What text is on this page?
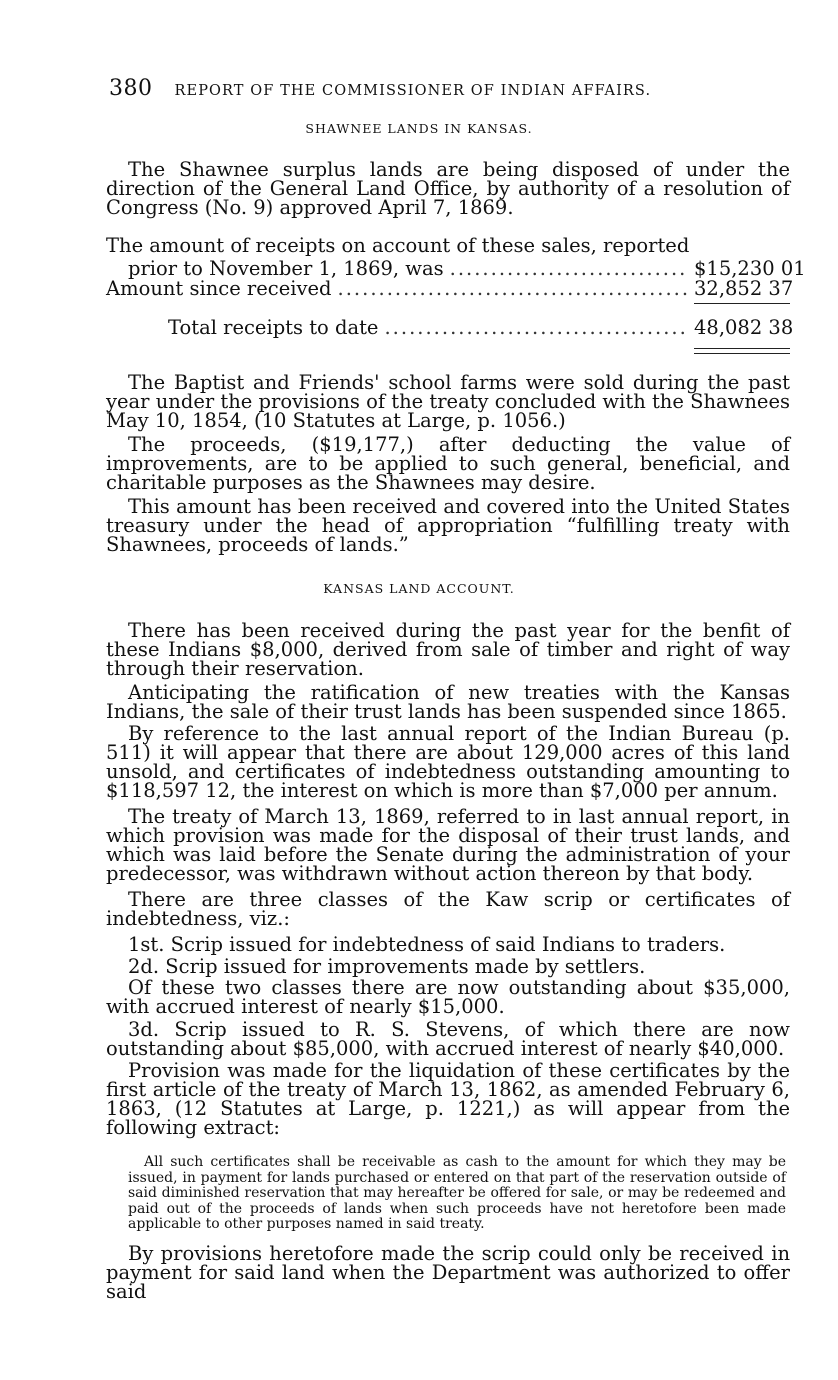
380 REPORT OF THE COMMISSIONER OF INDIAN AFFAIRS.
SHAWNEE LANDS IN KANSAS.
The Shawnee surplus lands are being disposed of under the direction of the General Land Office, by authority of a resolution of Congress (No. 9) approved April 7, 1869.
The amount of receipts on account of these sales, reported
prior to November 1, 1869, was .....	$15,230 01
Amount since received .....	32,852 37
Total receipts to date .....	48,082 38
The Baptist and Friends' school farms were sold during the past year under the provisions of the treaty concluded with the Shawnees May 10, 1854, (10 Statutes at Large, p. 1056.)
The proceeds, ($19,177,) after deducting the value of improvements, are to be applied to such general, beneficial, and charitable purposes as the Shawnees may desire.
This amount has been received and covered into the United States treasury under the head of appropriation “fulfilling treaty with Shawnees, proceeds of lands.”
KANSAS LAND ACCOUNT.
There has been received during the past year for the benfit of these Indians $8,000, derived from sale of timber and right of way through their reservation.
Anticipating the ratification of new treaties with the Kansas Indians, the sale of their trust lands has been suspended since 1865.
By reference to the last annual report of the Indian Bureau (p. 511) it will appear that there are about 129,000 acres of this land unsold, and certificates of indebtedness outstanding amounting to $118,597 12, the interest on which is more than $7,000 per annum.
The treaty of March 13, 1869, referred to in last annual report, in which provision was made for the disposal of their trust lands, and which was laid before the Senate during the administration of your predecessor, was withdrawn without action thereon by that body.
There are three classes of the Kaw scrip or certificates of indebtedness, viz.:
1st. Scrip issued for indebtedness of said Indians to traders.
2d. Scrip issued for improvements made by settlers.
Of these two classes there are now outstanding about $35,000, with accrued interest of nearly $15,000.
3d. Scrip issued to R. S. Stevens, of which there are now outstanding about $85,000, with accrued interest of nearly $40,000.
Provision was made for the liquidation of these certificates by the first article of the treaty of March 13, 1862, as amended February 6, 1863, (12 Statutes at Large, p. 1221,) as will appear from the following extract:
All such certificates shall be receivable as cash to the amount for which they may be issued, in payment for lands purchased or entered on that part of the reservation outside of said diminished reservation that may hereafter be offered for sale, or may be redeemed and paid out of the proceeds of lands when such proceeds have not heretofore been made applicable to other purposes named in said treaty.
By provisions heretofore made the scrip could only be received in payment for said land when the Department was authorized to offer said
